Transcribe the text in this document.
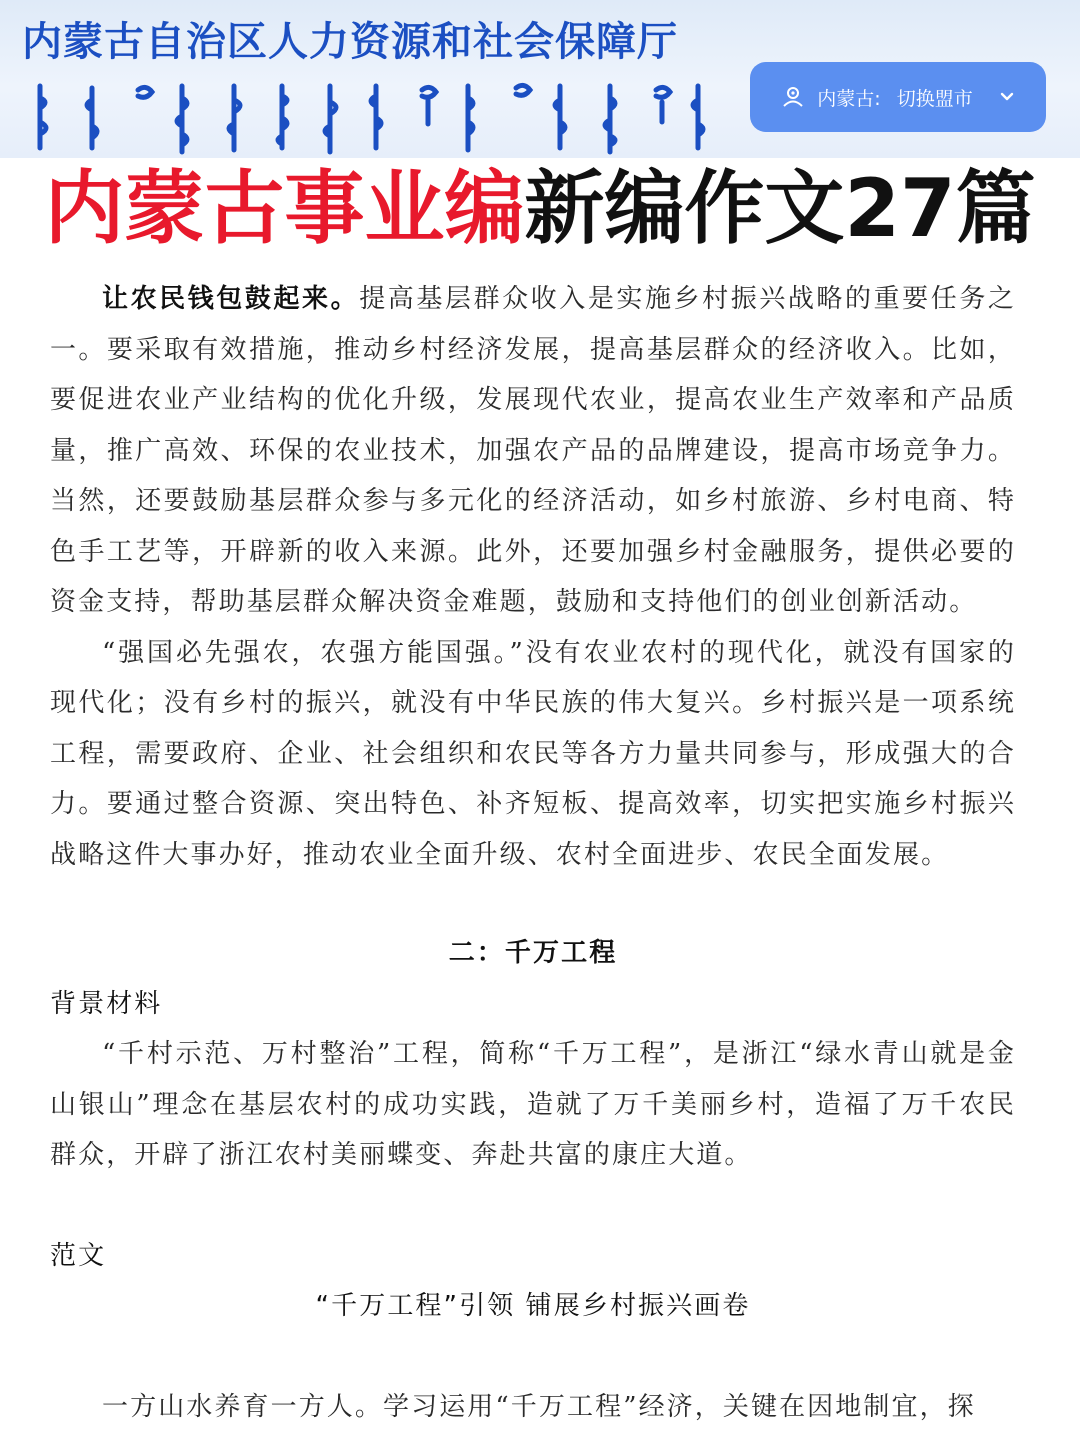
内蒙古自治区人力资源和社会保障厅
内蒙古: 切换盟市
内蒙古事业编新编作文27篇

让农民钱包鼓起来。提高基层群众收入是实施乡村振兴战略的重要任务之一。要采取有效措施，推动乡村经济发展，提高基层群众的经济收入。比如，要促进农业产业结构的优化升级，发展现代农业，提高农业生产效率和产品质量，推广高效、环保的农业技术，加强农产品的品牌建设，提高市场竞争力。当然，还要鼓励基层群众参与多元化的经济活动，如乡村旅游、乡村电商、特色手工艺等，开辟新的收入来源。此外，还要加强乡村金融服务，提供必要的资金支持，帮助基层群众解决资金难题，鼓励和支持他们的创业创新活动。

“强国必先强农，农强方能国强。”没有农业农村的现代化，就没有国家的现代化；没有乡村的振兴，就没有中华民族的伟大复兴。乡村振兴是一项系统工程，需要政府、企业、社会组织和农民等各方力量共同参与，形成强大的合力。要通过整合资源、突出特色、补齐短板、提高效率，切实把实施乡村振兴战略这件大事办好，推动农业全面升级、农村全面进步、农民全面发展。

二：千万工程

背景材料

“千村示范、万村整治”工程，简称“千万工程”，是浙江“绿水青山就是金山银山”理念在基层农村的成功实践，造就了万千美丽乡村，造福了万千农民群众，开辟了浙江农村美丽蝶变、奔赴共富的康庄大道。

范文

“千万工程”引领 铺展乡村振兴画卷

一方山水养育一方人。学习运用“千万工程”经济，关键在因地制宜，探
